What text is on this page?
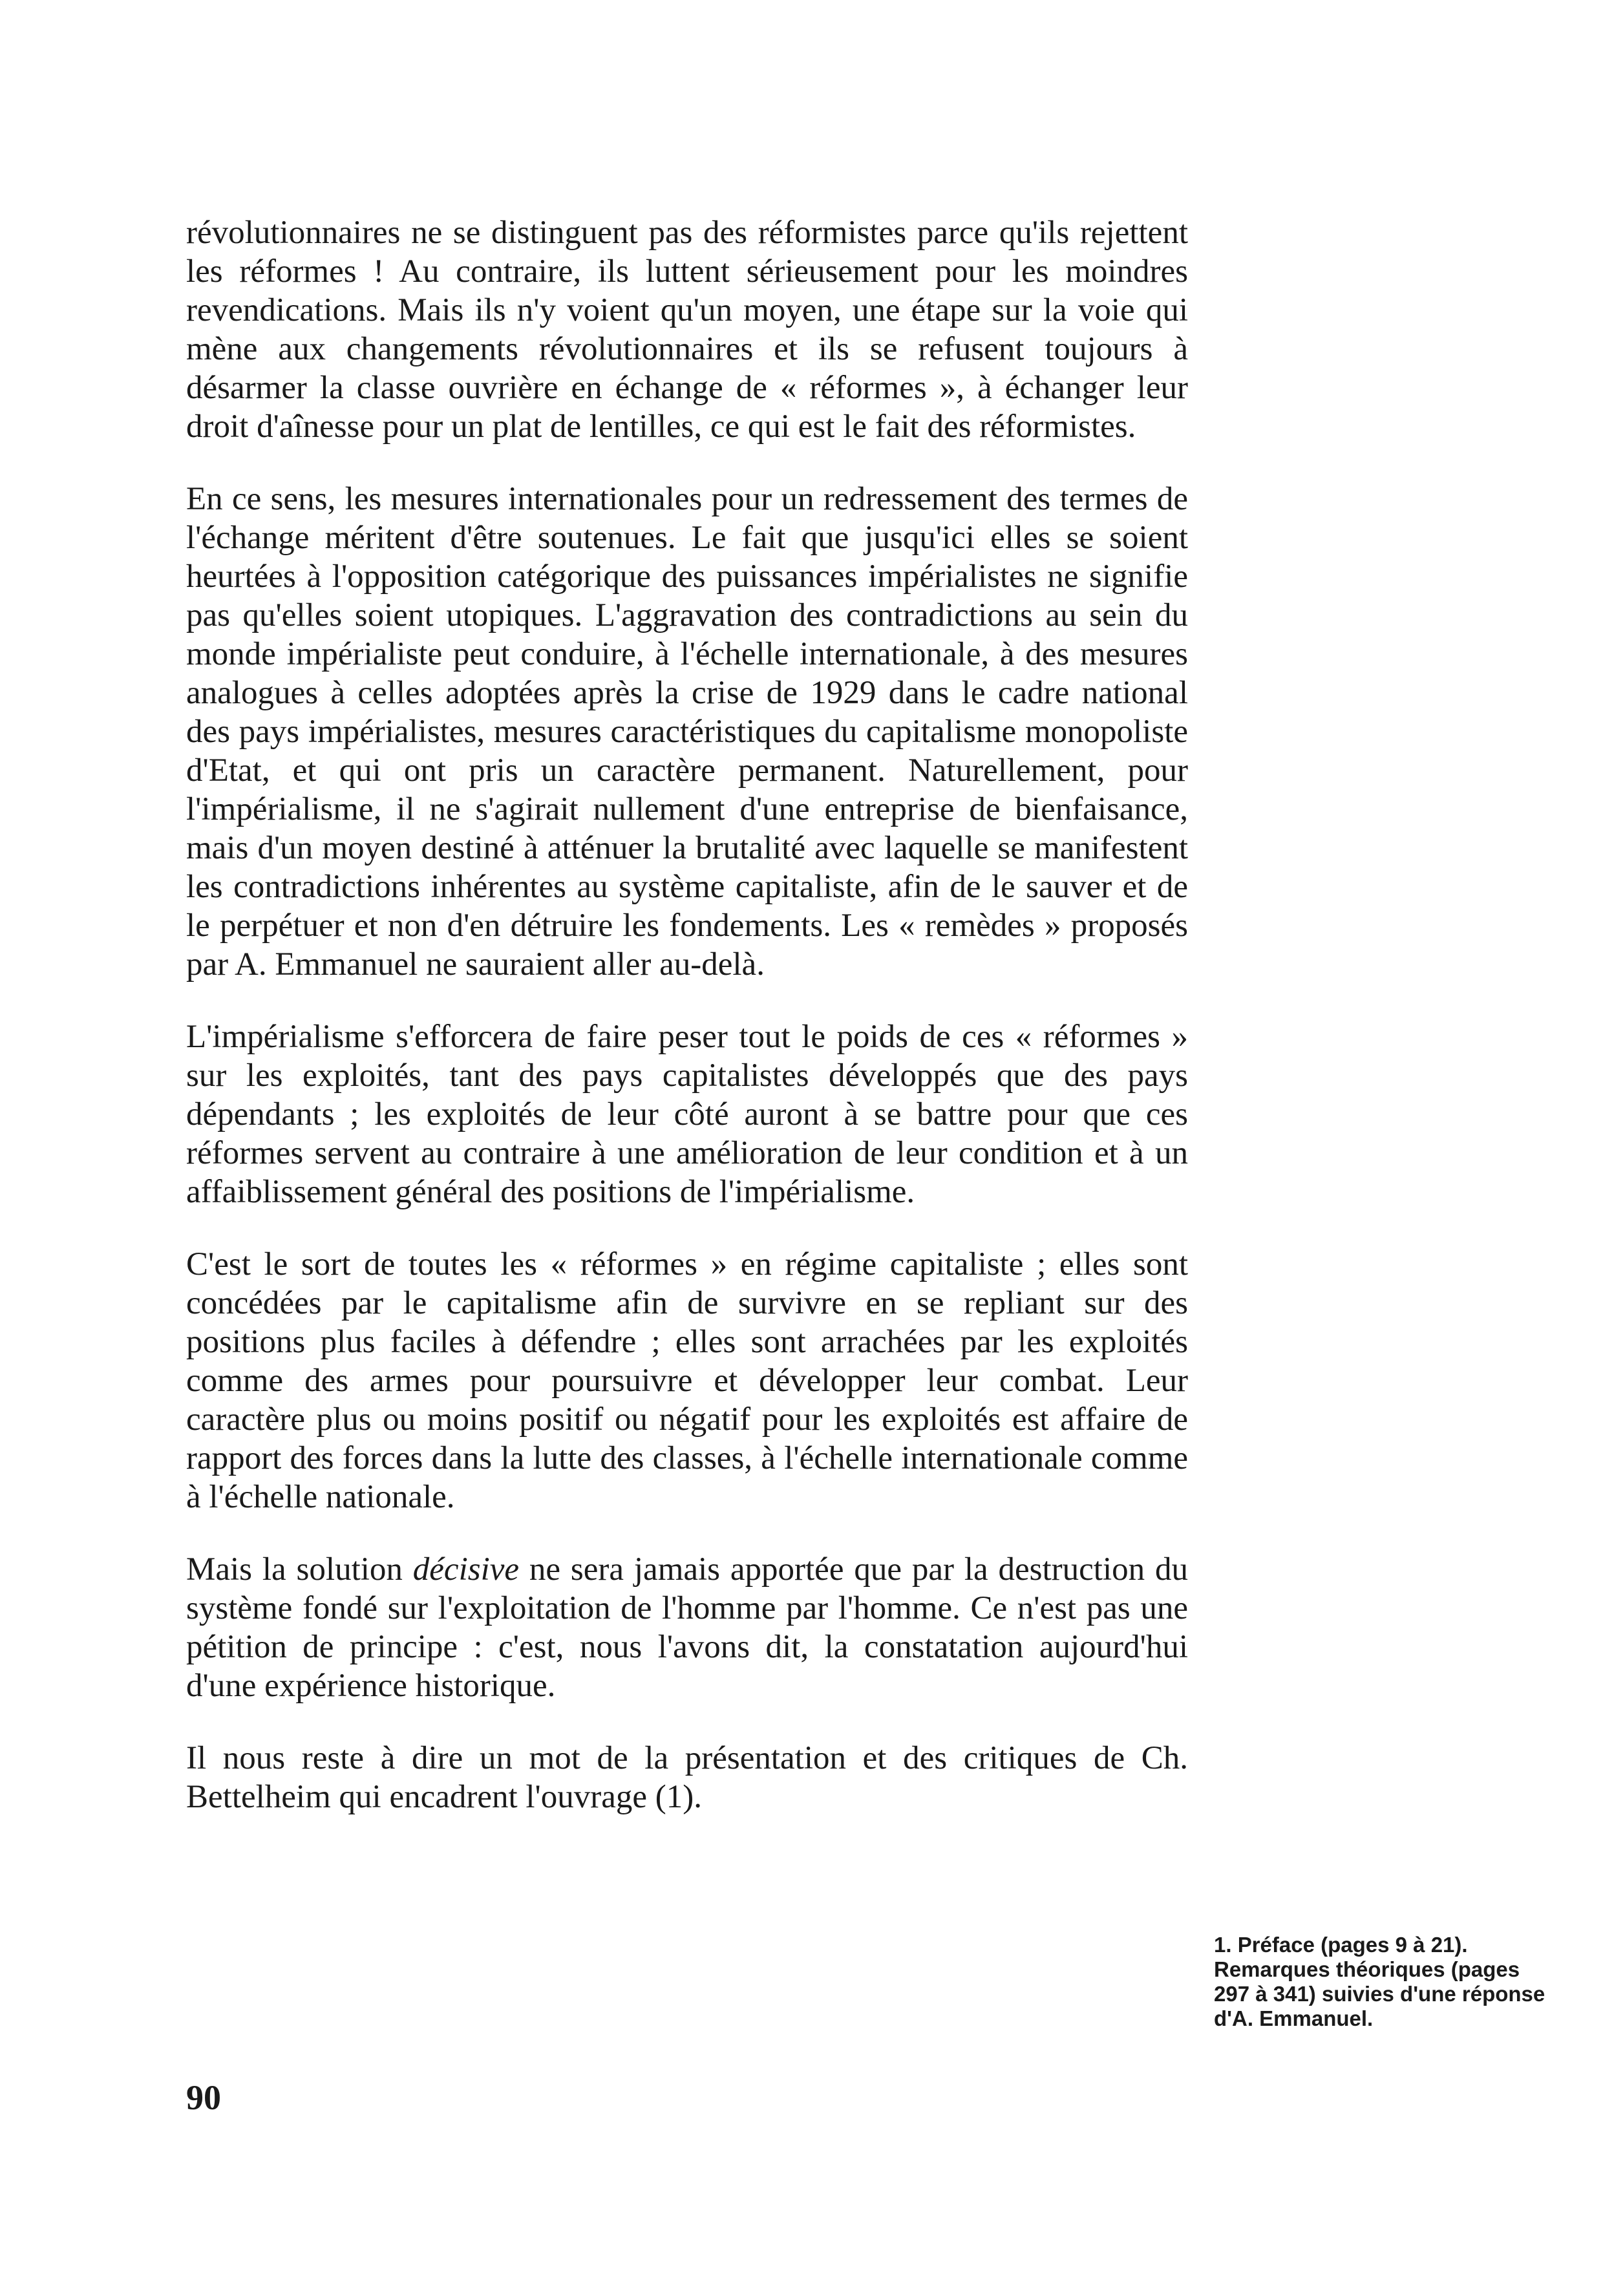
révolutionnaires ne se distinguent pas des réformistes parce qu'ils rejettent les réformes ! Au contraire, ils luttent sérieusement pour les moindres revendications. Mais ils n'y voient qu'un moyen, une étape sur la voie qui mène aux changements révolutionnaires et ils se refusent toujours à désarmer la classe ouvrière en échange de « réformes », à échanger leur droit d'aînesse pour un plat de lentilles, ce qui est le fait des réformistes.

En ce sens, les mesures internationales pour un redressement des termes de l'échange méritent d'être soutenues. Le fait que jusqu'ici elles se soient heurtées à l'opposition catégorique des puissances impérialistes ne signifie pas qu'elles soient utopiques. L'aggravation des contradictions au sein du monde impérialiste peut conduire, à l'échelle internationale, à des mesures analogues à celles adoptées après la crise de 1929 dans le cadre national des pays impérialistes, mesures caractéristiques du capitalisme monopoliste d'Etat, et qui ont pris un caractère permanent. Naturellement, pour l'impérialisme, il ne s'agirait nullement d'une entreprise de bienfaisance, mais d'un moyen destiné à atténuer la brutalité avec laquelle se manifestent les contradictions inhérentes au système capitaliste, afin de le sauver et de le perpétuer et non d'en détruire les fondements. Les « remèdes » proposés par A. Emmanuel ne sauraient aller au-delà.

L'impérialisme s'efforcera de faire peser tout le poids de ces « réformes » sur les exploités, tant des pays capitalistes développés que des pays dépendants ; les exploités de leur côté auront à se battre pour que ces réformes servent au contraire à une amélioration de leur condition et à un affaiblissement général des positions de l'impérialisme.

C'est le sort de toutes les « réformes » en régime capitaliste ; elles sont concédées par le capitalisme afin de survivre en se repliant sur des positions plus faciles à défendre ; elles sont arrachées par les exploités comme des armes pour poursuivre et développer leur combat. Leur caractère plus ou moins positif ou négatif pour les exploités est affaire de rapport des forces dans la lutte des classes, à l'échelle internationale comme à l'échelle nationale.

Mais la solution décisive ne sera jamais apportée que par la destruction du système fondé sur l'exploitation de l'homme par l'homme. Ce n'est pas une pétition de principe : c'est, nous l'avons dit, la constatation aujourd'hui d'une expérience historique.

Il nous reste à dire un mot de la présentation et des critiques de Ch. Bettelheim qui encadrent l'ouvrage (1).

1. Préface (pages 9 à 21). Remarques théoriques (pages 297 à 341) suivies d'une réponse d'A. Emmanuel.
90
